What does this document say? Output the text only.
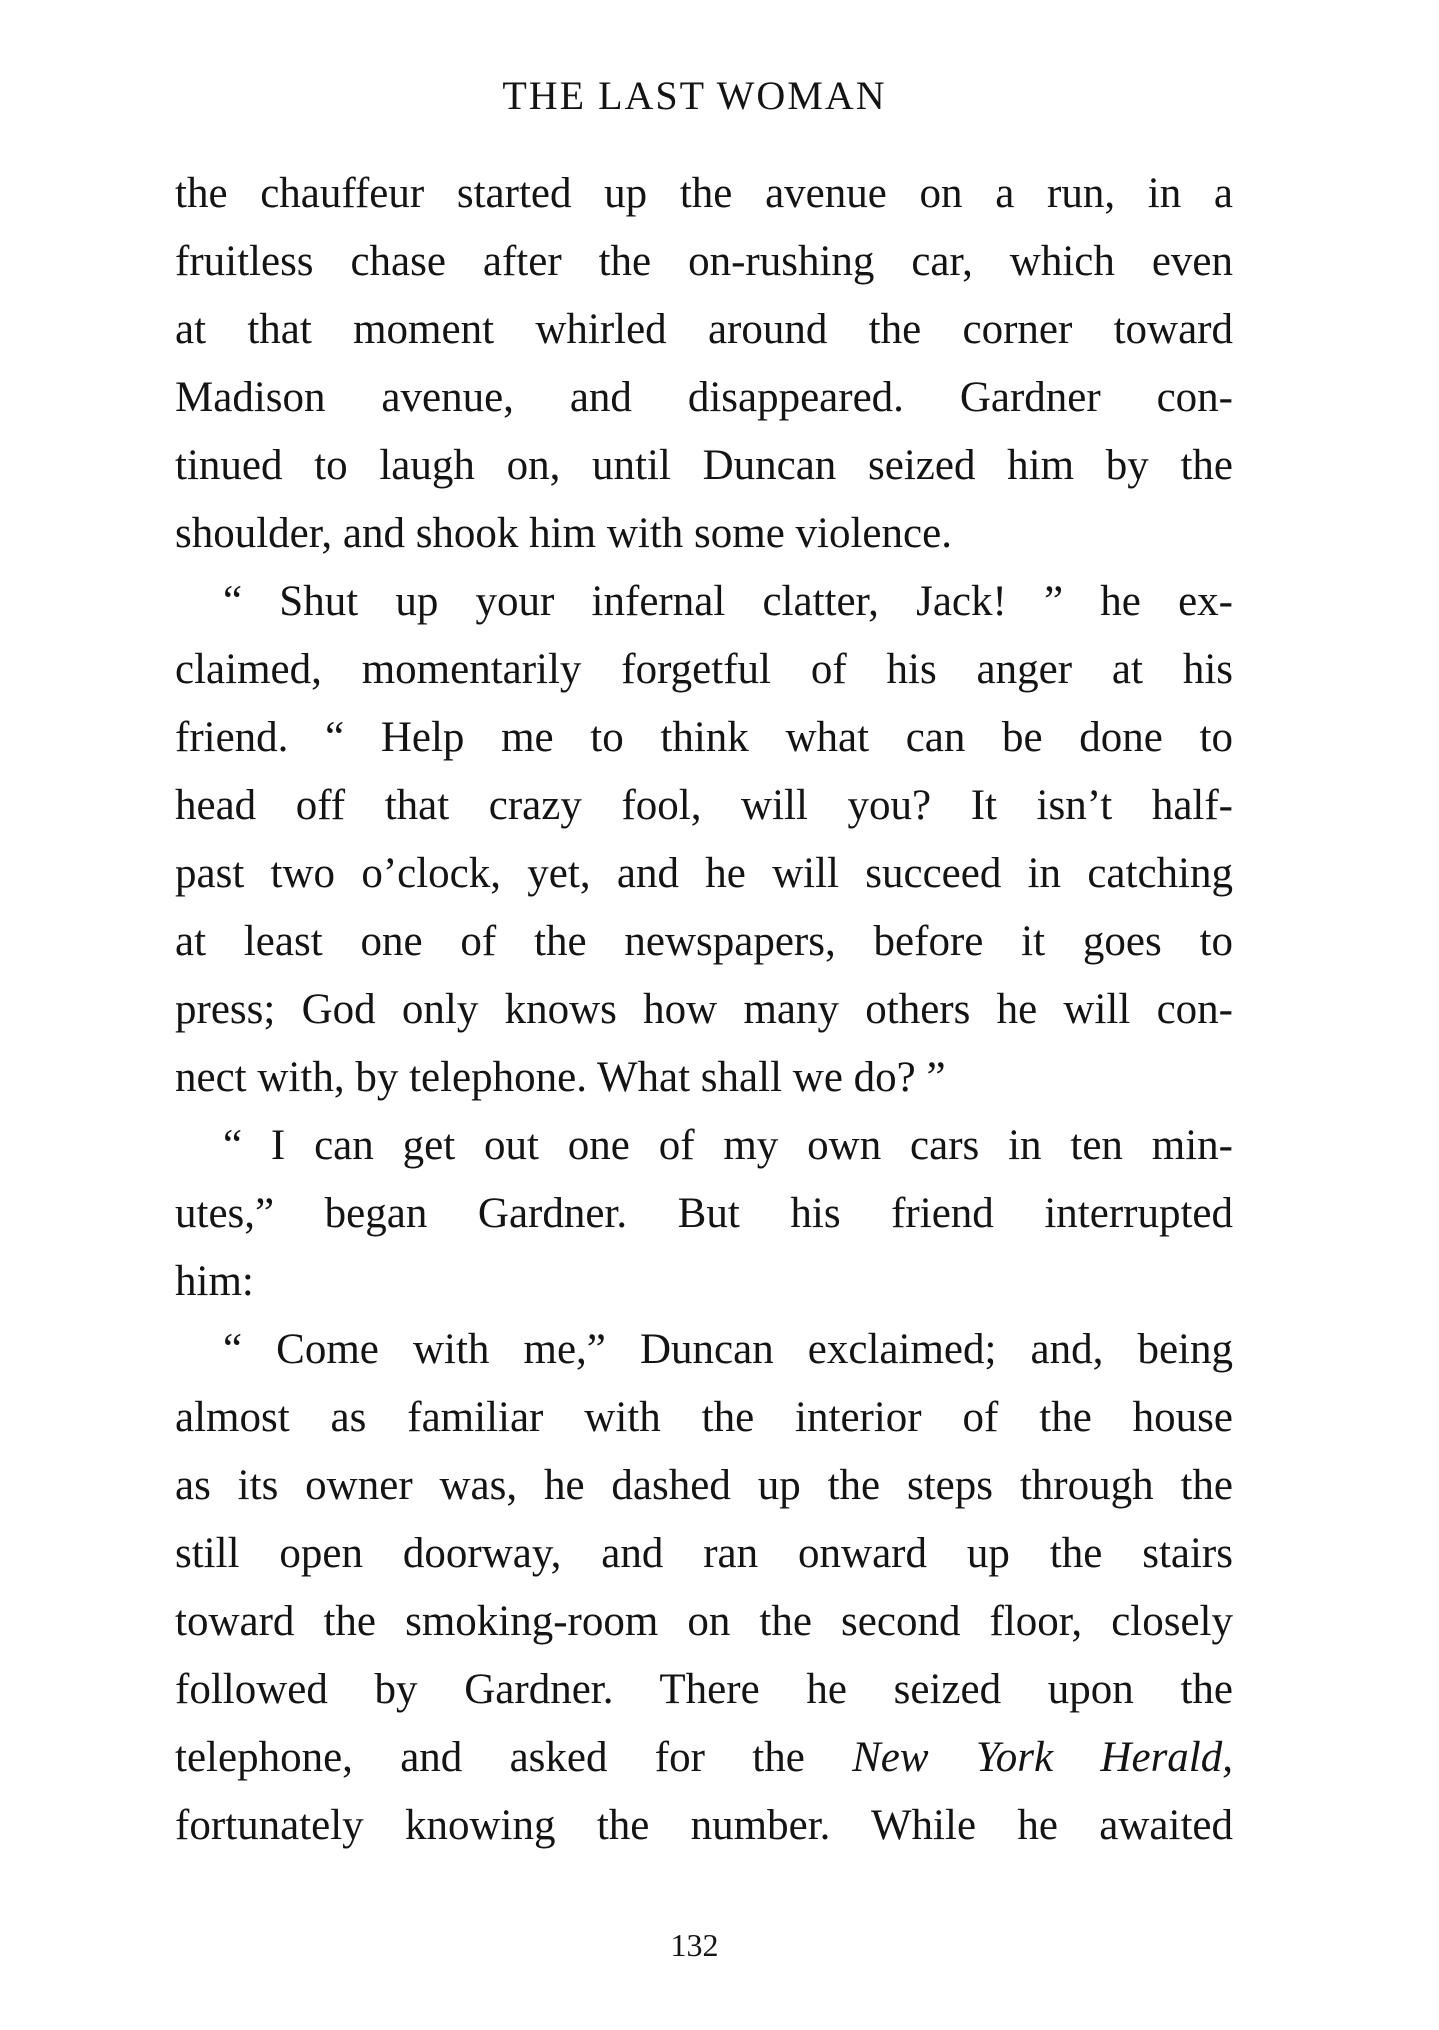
THE LAST WOMAN
the chauffeur started up the avenue on a run, in a
fruitless chase after the on-rushing car, which even
at that moment whirled around the corner toward
Madison avenue, and disappeared. Gardner con-
tinued to laugh on, until Duncan seized him by the
shoulder, and shook him with some violence.
“ Shut up your infernal clatter, Jack! ” he ex-
claimed, momentarily forgetful of his anger at his
friend. “ Help me to think what can be done to
head off that crazy fool, will you? It isn’t half-
past two o’clock, yet, and he will succeed in catching
at least one of the newspapers, before it goes to
press; God only knows how many others he will con-
nect with, by telephone. What shall we do? ”
“ I can get out one of my own cars in ten min-
utes,” began Gardner. But his friend interrupted
him:
“ Come with me,” Duncan exclaimed; and, being
almost as familiar with the interior of the house
as its owner was, he dashed up the steps through the
still open doorway, and ran onward up the stairs
toward the smoking-room on the second floor, closely
followed by Gardner. There he seized upon the
telephone, and asked for the New York Herald,
fortunately knowing the number. While he awaited
132
